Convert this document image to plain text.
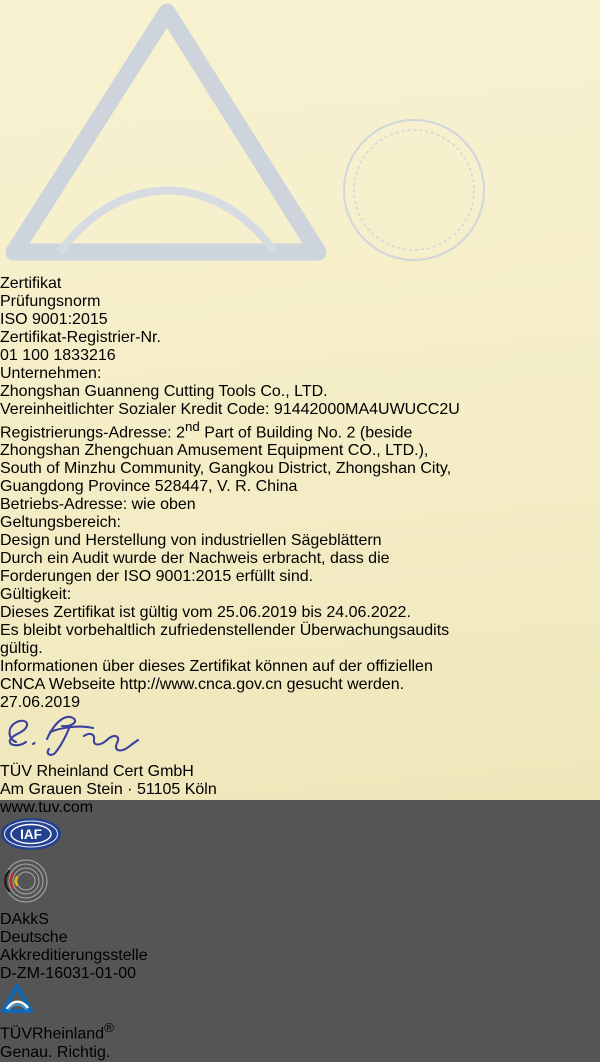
Zertifikat
Prüfungsnorm
ISO 9001:2015
Zertifikat-Registrier-Nr.
01 100 1833216
Unternehmen:
Zhongshan Guanneng Cutting Tools Co., LTD.
Vereinheitlichter Sozialer Kredit Code: 91442000MA4UWUCC2U
Registrierungs-Adresse: 2nd Part of Building No. 2 (beside
Zhongshan Zhengchuan Amusement Equipment CO., LTD.),
South of Minzhu Community, Gangkou District, Zhongshan City,
Guangdong Province 528447, V. R. China
Betriebs-Adresse: wie oben
Geltungsbereich:
Design und Herstellung von industriellen Sägeblättern
Durch ein Audit wurde der Nachweis erbracht, dass die
Forderungen der ISO 9001:2015 erfüllt sind.
Gültigkeit:
Dieses Zertifikat ist gültig vom 25.06.2019 bis 24.06.2022.
Es bleibt vorbehaltlich zufriedenstellender Überwachungsaudits
gültig.
Informationen über dieses Zertifikat können auf der offiziellen
CNCA Webseite http://www.cnca.gov.cn gesucht werden.
27.06.2019
TÜV Rheinland Cert GmbH
Am Grauen Stein · 51105 Köln
www.tuv.com
IAF
DAkkS
Deutsche
Akkreditierungsstelle
D-ZM-16031-01-00
TÜVRheinland®
Genau. Richtig.
